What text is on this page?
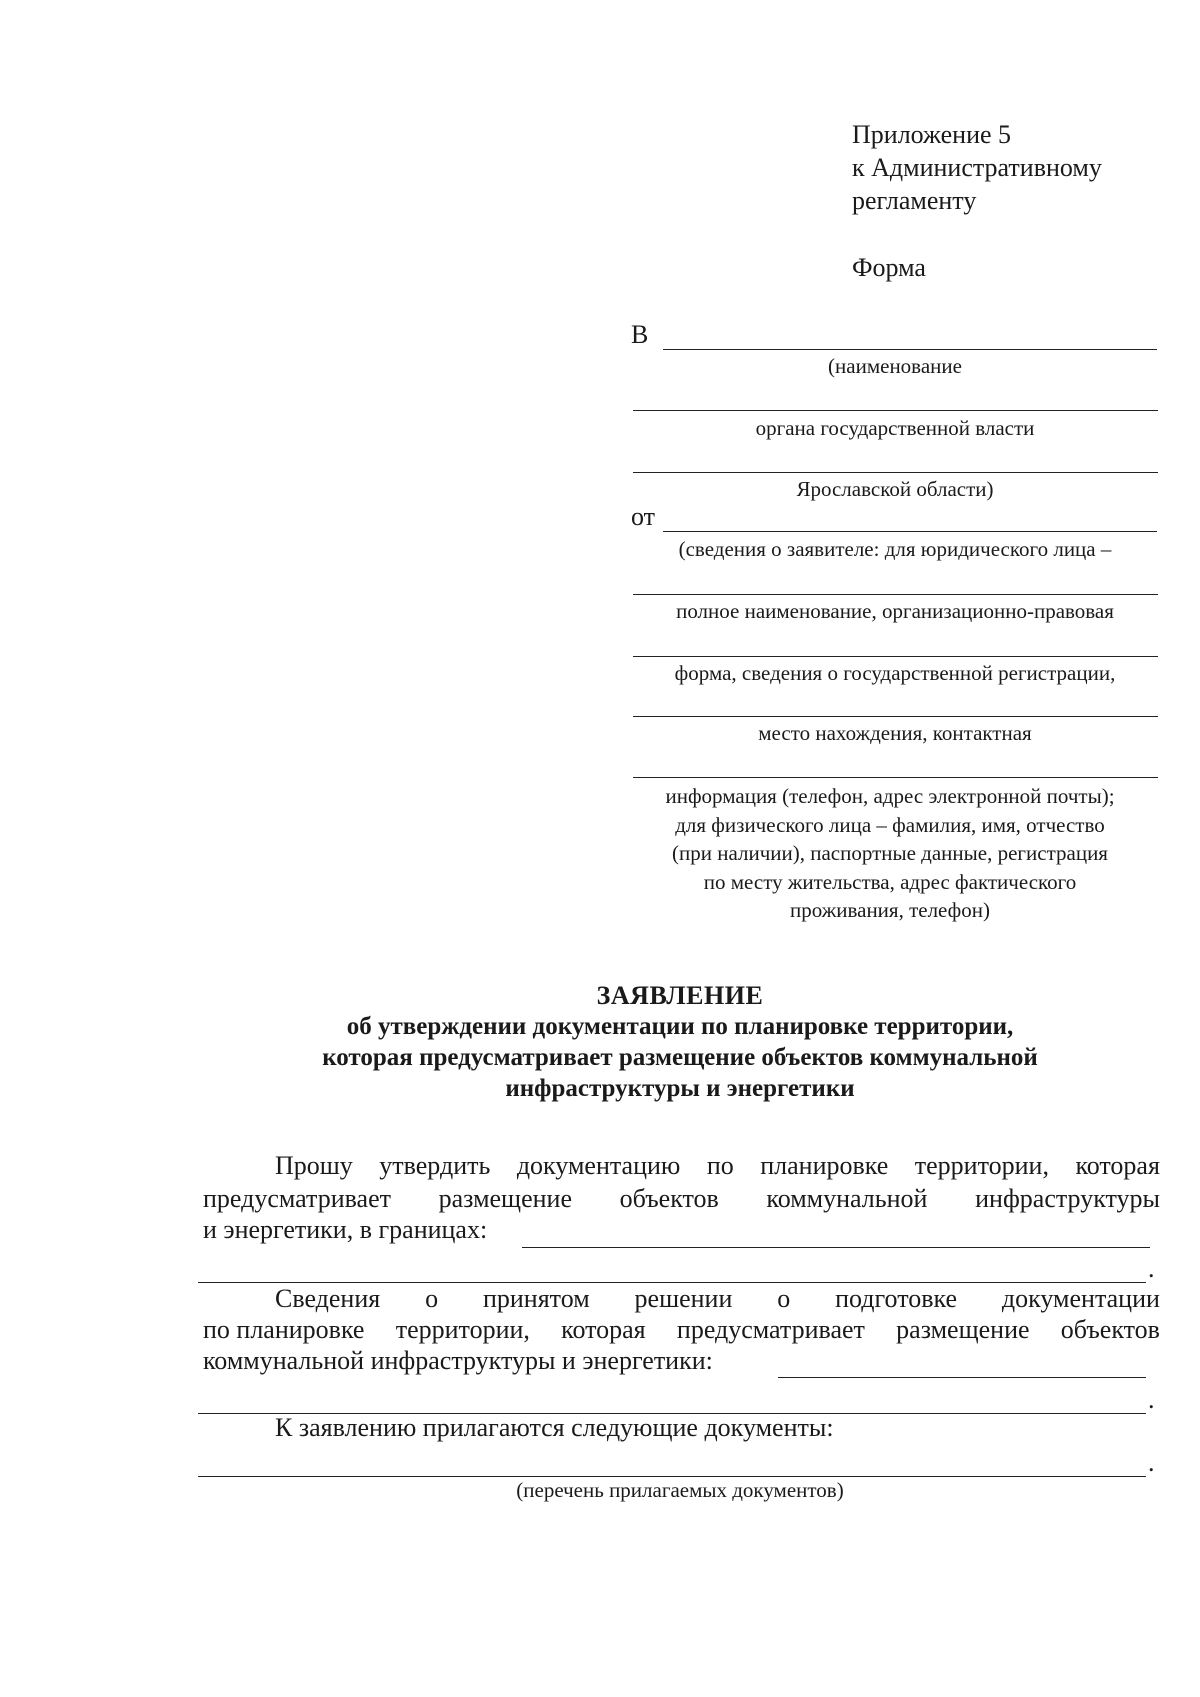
Приложение 5
к Административному
регламенту
Форма
В
(наименование
органа государственной власти
Ярославской области)
от
(сведения о заявителе: для юридического лица –
полное наименование, организационно-правовая
форма, сведения о государственной регистрации,
место нахождения, контактная
информация (телефон, адрес электронной почты);
для физического лица – фамилия, имя, отчество
(при наличии), паспортные данные, регистрация
по месту жительства, адрес фактического
проживания, телефон)
ЗАЯВЛЕНИЕ
об утверждении документации по планировке территории,
которая предусматривает размещение объектов коммунальной
инфраструктуры и энергетики
Прошу утвердить документацию по планировке территории, которая
предусматривает размещение объектов коммунальной инфраструктуры
и энергетики, в границах:
.
Сведения о принятом решении о подготовке документации
по планировке территории, которая предусматривает размещение объектов
коммунальной инфраструктуры и энергетики:
.
К заявлению прилагаются следующие документы:
.
(перечень прилагаемых документов)
